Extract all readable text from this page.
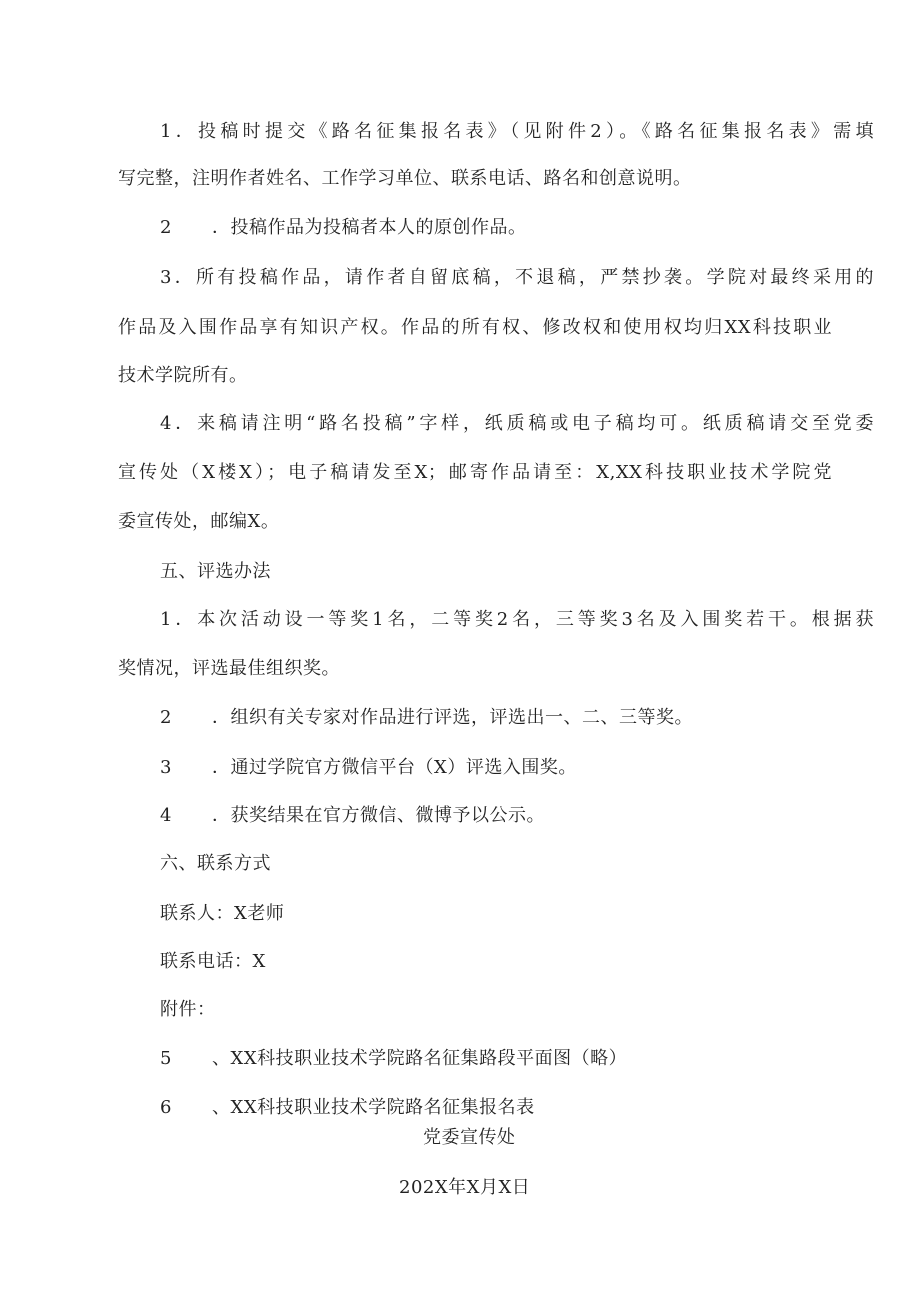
1．投稿时提交《路名征集报名表》（见附件2）。《路名征集报名表》需填
写完整，注明作者姓名、工作学习单位、联系电话、路名和创意说明。
2 ．投稿作品为投稿者本人的原创作品。
3．所有投稿作品，请作者自留底稿，不退稿，严禁抄袭。学院对最终采用的
作品及入围作品享有知识产权。作品的所有权、修改权和使用权均归XX科技职业
技术学院所有。
4．来稿请注明“路名投稿”字样，纸质稿或电子稿均可。纸质稿请交至党委
宣传处（X楼X）；电子稿请发至X；邮寄作品请至：X,XX科技职业技术学院党
委宣传处，邮编X。
五、评选办法
1．本次活动设一等奖1名，二等奖2名，三等奖3名及入围奖若干。根据获
奖情况，评选最佳组织奖。
2 ．组织有关专家对作品进行评选，评选出一、二、三等奖。
3 ．通过学院官方微信平台（X）评选入围奖。
4 ．获奖结果在官方微信、微博予以公示。
六、联系方式
联系人：X老师
联系电话：X
附件：
5 、XX科技职业技术学院路名征集路段平面图（略）
6 、XX科技职业技术学院路名征集报名表
党委宣传处
202X年X月X日
